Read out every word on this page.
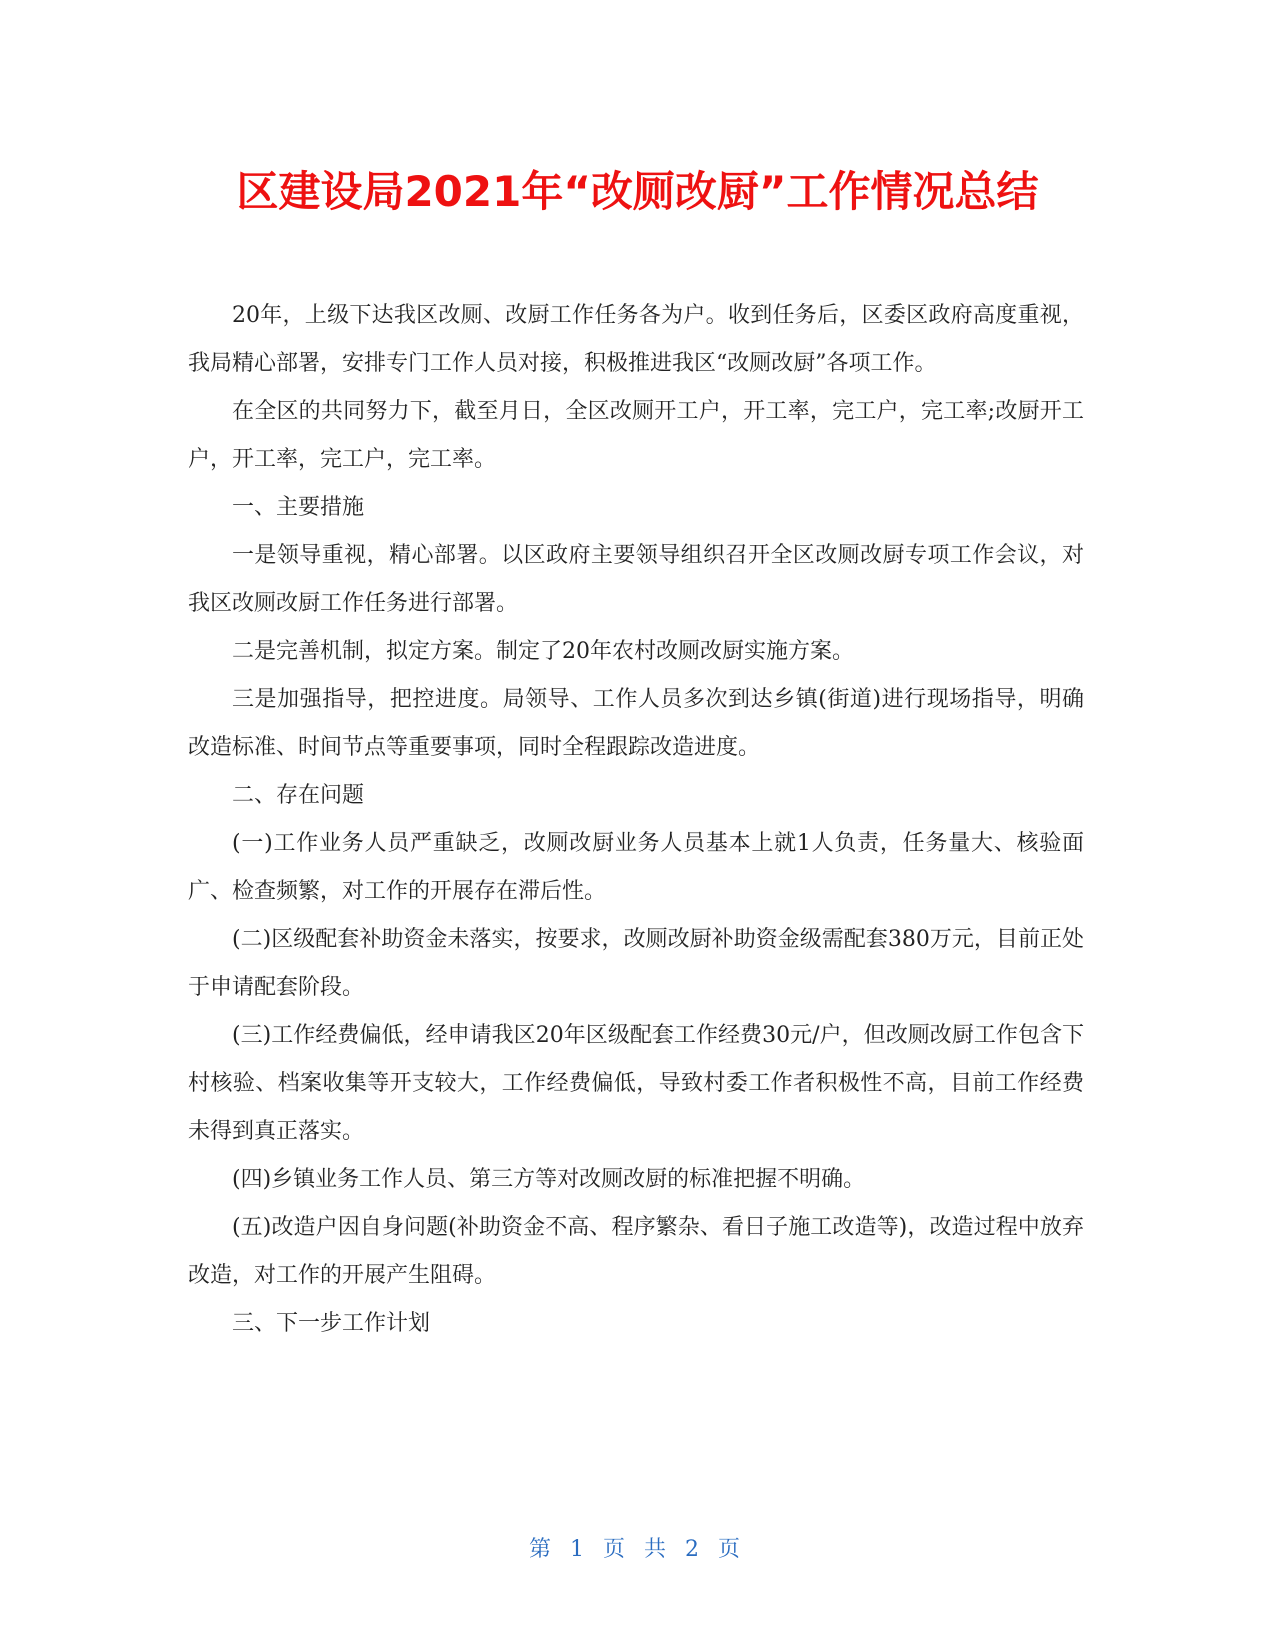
区建设局2021年“改厕改厨”工作情况总结

20年，上级下达我区改厕、改厨工作任务各为户。收到任务后，区委区政府高度重视，我局精心部署，安排专门工作人员对接，积极推进我区“改厕改厨”各项工作。

在全区的共同努力下，截至月日，全区改厕开工户，开工率，完工户，完工率;改厨开工户，开工率，完工户，完工率。

一、主要措施

一是领导重视，精心部署。以区政府主要领导组织召开全区改厕改厨专项工作会议，对我区改厕改厨工作任务进行部署。

二是完善机制，拟定方案。制定了20年农村改厕改厨实施方案。

三是加强指导，把控进度。局领导、工作人员多次到达乡镇(街道)进行现场指导，明确改造标准、时间节点等重要事项，同时全程跟踪改造进度。

二、存在问题

(一)工作业务人员严重缺乏，改厕改厨业务人员基本上就1人负责，任务量大、核验面广、检查频繁，对工作的开展存在滞后性。

(二)区级配套补助资金未落实，按要求，改厕改厨补助资金级需配套380万元，目前正处于申请配套阶段。

(三)工作经费偏低，经申请我区20年区级配套工作经费30元/户，但改厕改厨工作包含下村核验、档案收集等开支较大，工作经费偏低，导致村委工作者积极性不高，目前工作经费未得到真正落实。

(四)乡镇业务工作人员、第三方等对改厕改厨的标准把握不明确。

(五)改造户因自身问题(补助资金不高、程序繁杂、看日子施工改造等)，改造过程中放弃改造，对工作的开展产生阻碍。

三、下一步工作计划

第 1 页 共 2 页
